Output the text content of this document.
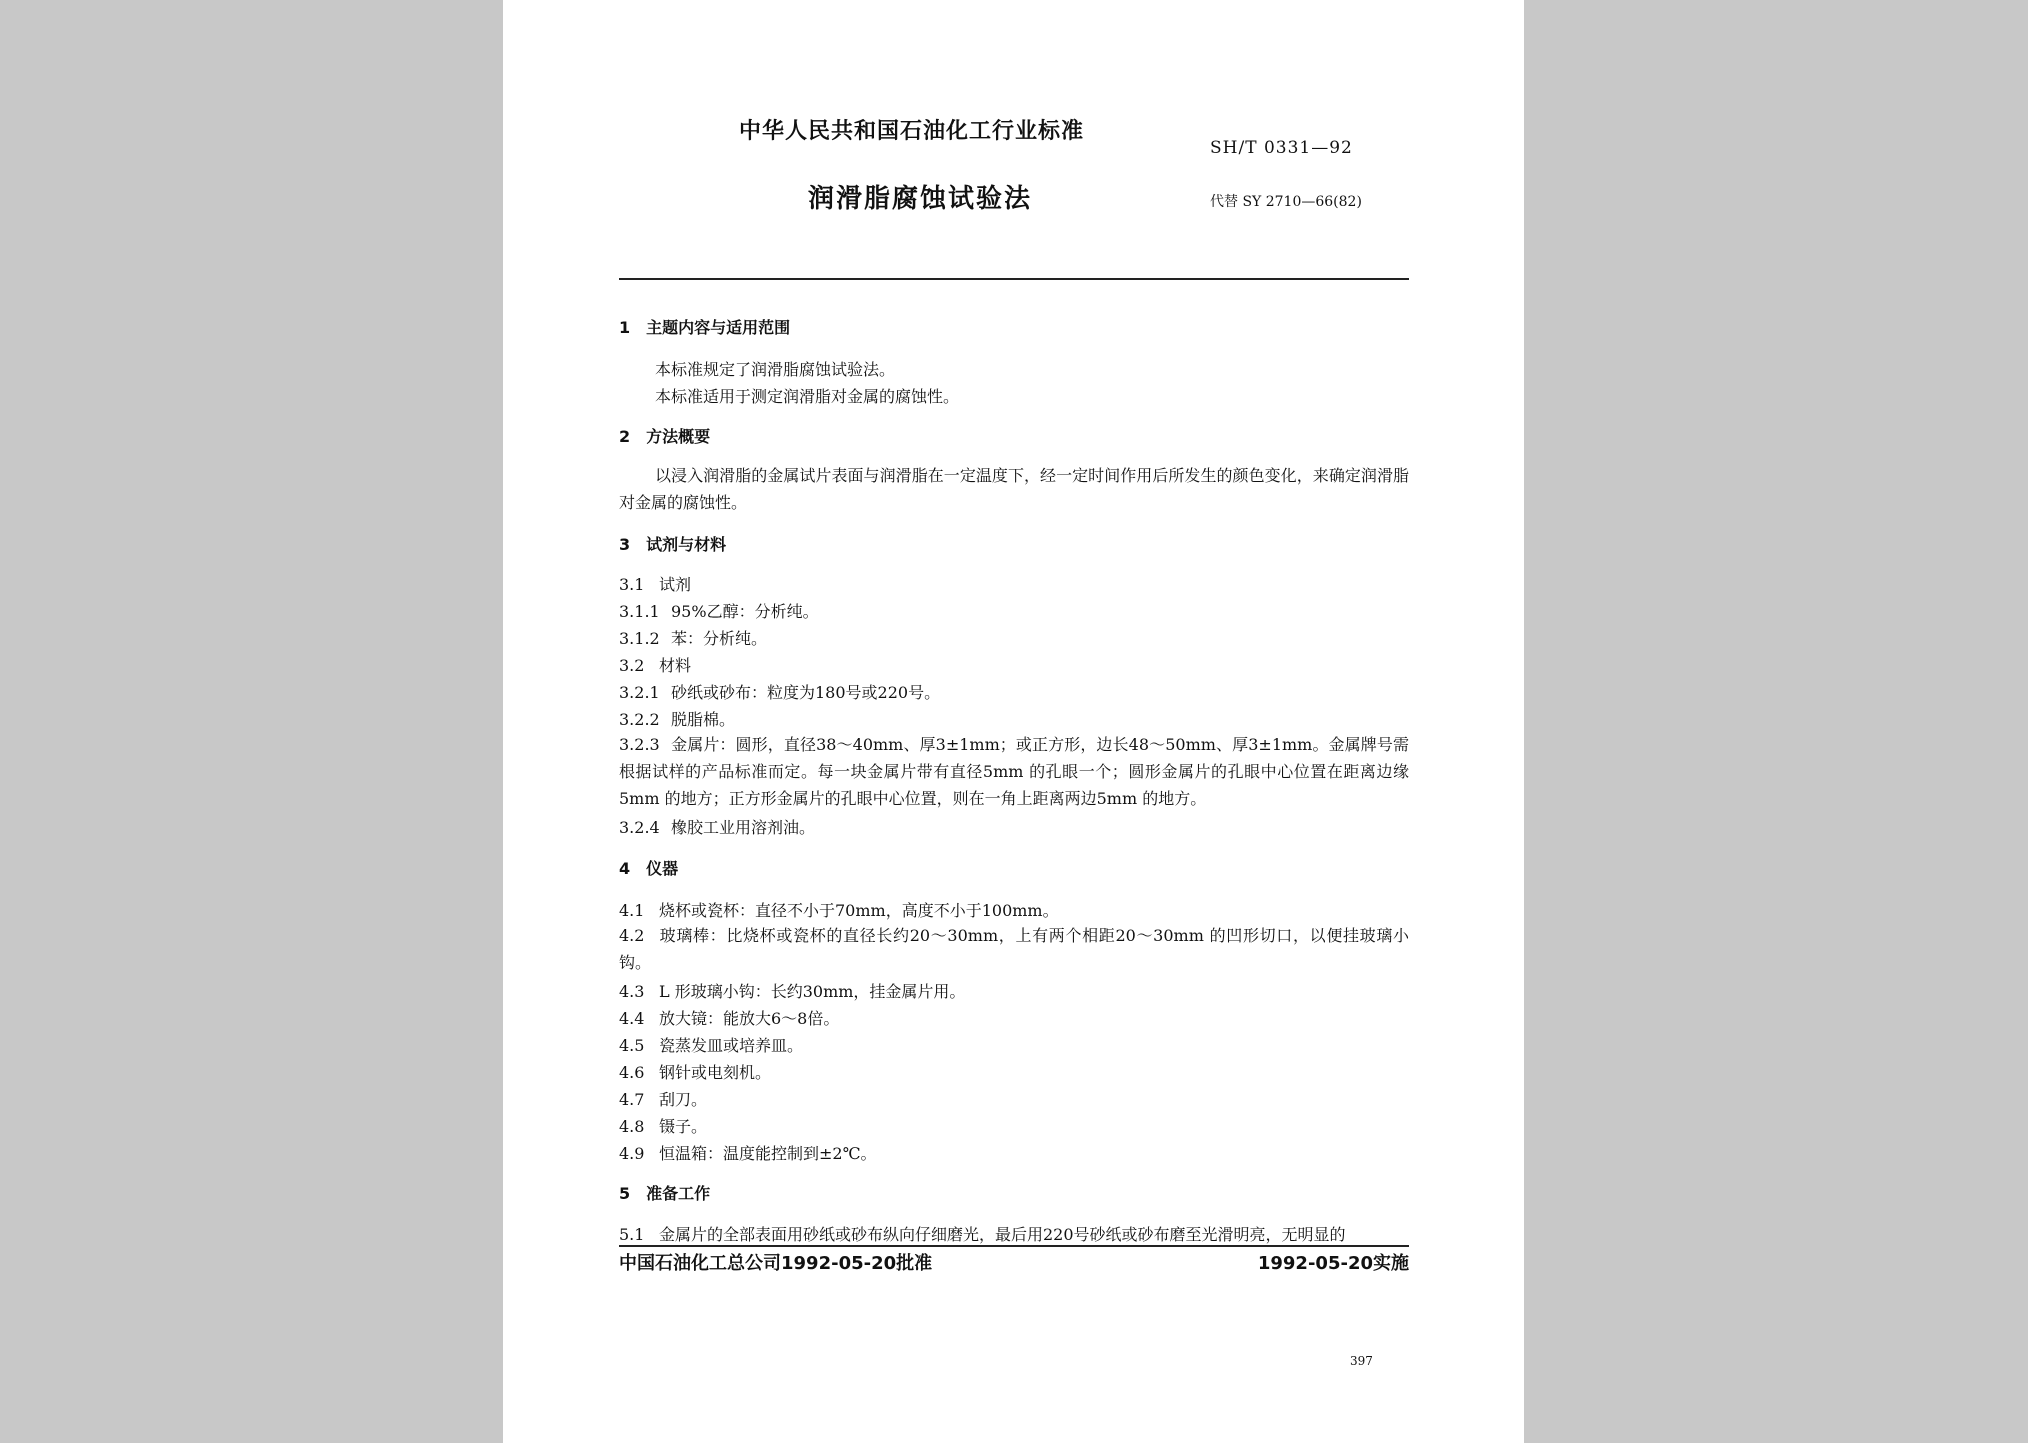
中华人民共和国石油化工行业标准
SH/T 0331—92
润滑脂腐蚀试验法	代替 SY 2710—66(82)
1　主题内容与适用范围
本标准规定了润滑脂腐蚀试验法。
本标准适用于测定润滑脂对金属的腐蚀性。
2　方法概要
以浸入润滑脂的金属试片表面与润滑脂在一定温度下，经一定时间作用后所发生的颜色变化，来确定润滑脂对金属的腐蚀性。
3　试剂与材料
3.1 试剂
3.1.1 95%乙醇：分析纯。
3.1.2 苯：分析纯。
3.2 材料
3.2.1 砂纸或砂布：粒度为180号或220号。
3.2.2 脱脂棉。
3.2.3 金属片：圆形，直径38～40mm、厚3±1mm；或正方形，边长48～50mm、厚3±1mm。金属牌号需根据试样的产品标准而定。每一块金属片带有直径5mm 的孔眼一个；圆形金属片的孔眼中心位置在距离边缘5mm 的地方；正方形金属片的孔眼中心位置，则在一角上距离两边5mm 的地方。
3.2.4 橡胶工业用溶剂油。
4　仪器
4.1 烧杯或瓷杯：直径不小于70mm，高度不小于100mm。
4.2 玻璃棒：比烧杯或瓷杯的直径长约20～30mm，上有两个相距20～30mm 的凹形切口，以便挂玻璃小钩。
4.3 L 形玻璃小钩：长约30mm，挂金属片用。
4.4 放大镜：能放大6～8倍。
4.5 瓷蒸发皿或培养皿。
4.6 钢针或电刻机。
4.7 刮刀。
4.8 镊子。
4.9 恒温箱：温度能控制到±2℃。
5　准备工作
5.1 金属片的全部表面用砂纸或砂布纵向仔细磨光，最后用220号砂纸或砂布磨至光滑明亮，无明显的
中国石油化工总公司1992-05-20批准	1992-05-20实施
397
